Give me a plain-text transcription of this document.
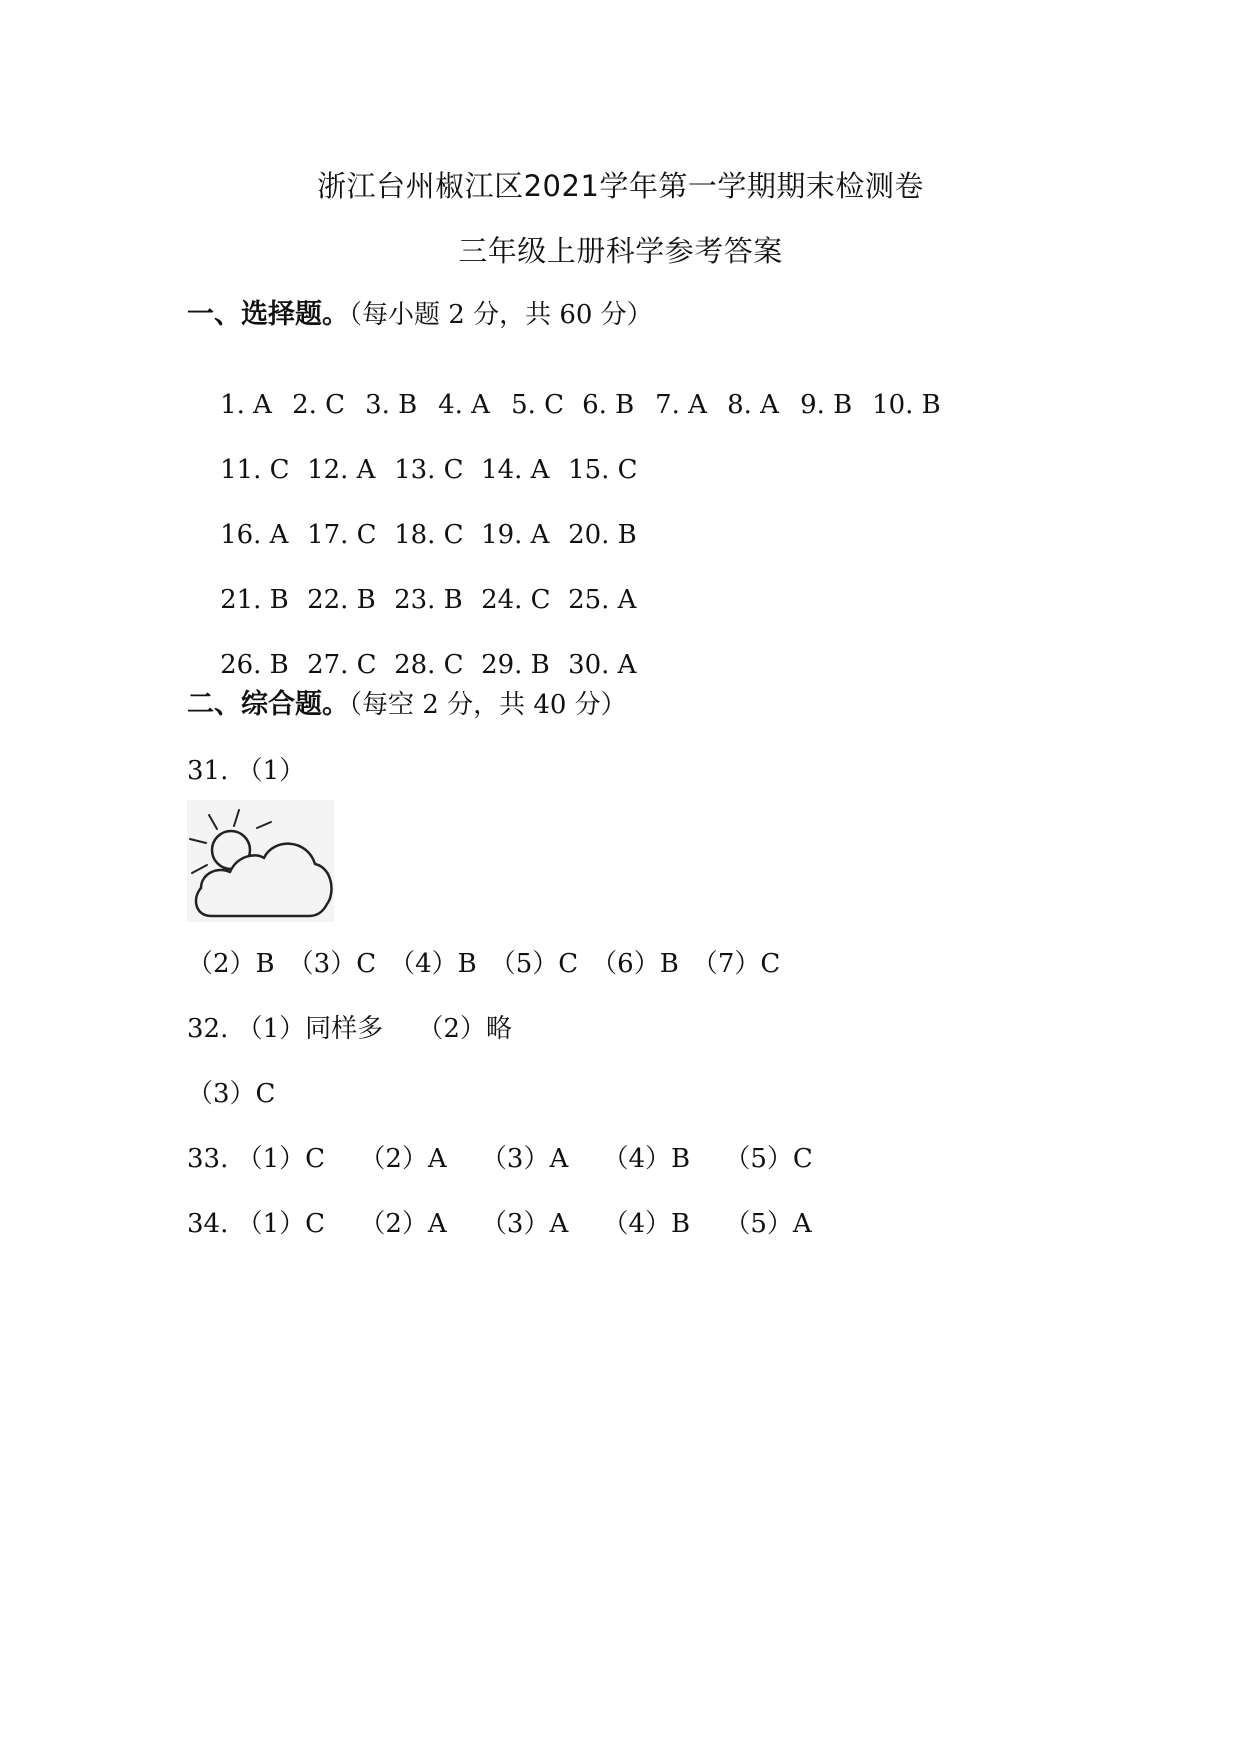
浙江台州椒江区2021学年第一学期期末检测卷
三年级上册科学参考答案
一、选择题。（每小题 2 分，共 60 分）

1. A 2. C 3. B 4. A 5. C 6. B 7. A 8. A 9. B 10. B

11. C 12. A 13. C 14. A 15. C

16. A 17. C 18. C 19. A 20. B

21. B 22. B 23. B 24. C 25. A

26. B 27. C 28. C 29. B 30. A

二、综合题。（每空 2 分，共 40 分）
31. （1）
（2）B　（3）C　（4）B　（5）C　（6）B　（7）C
32. （1）同样多　 （2）略
（3）C
33. （1）C　 （2）A　 （3）A　 （4）B　 （5）C
34. （1）C　 （2）A　 （3）A　 （4）B　 （5）A
